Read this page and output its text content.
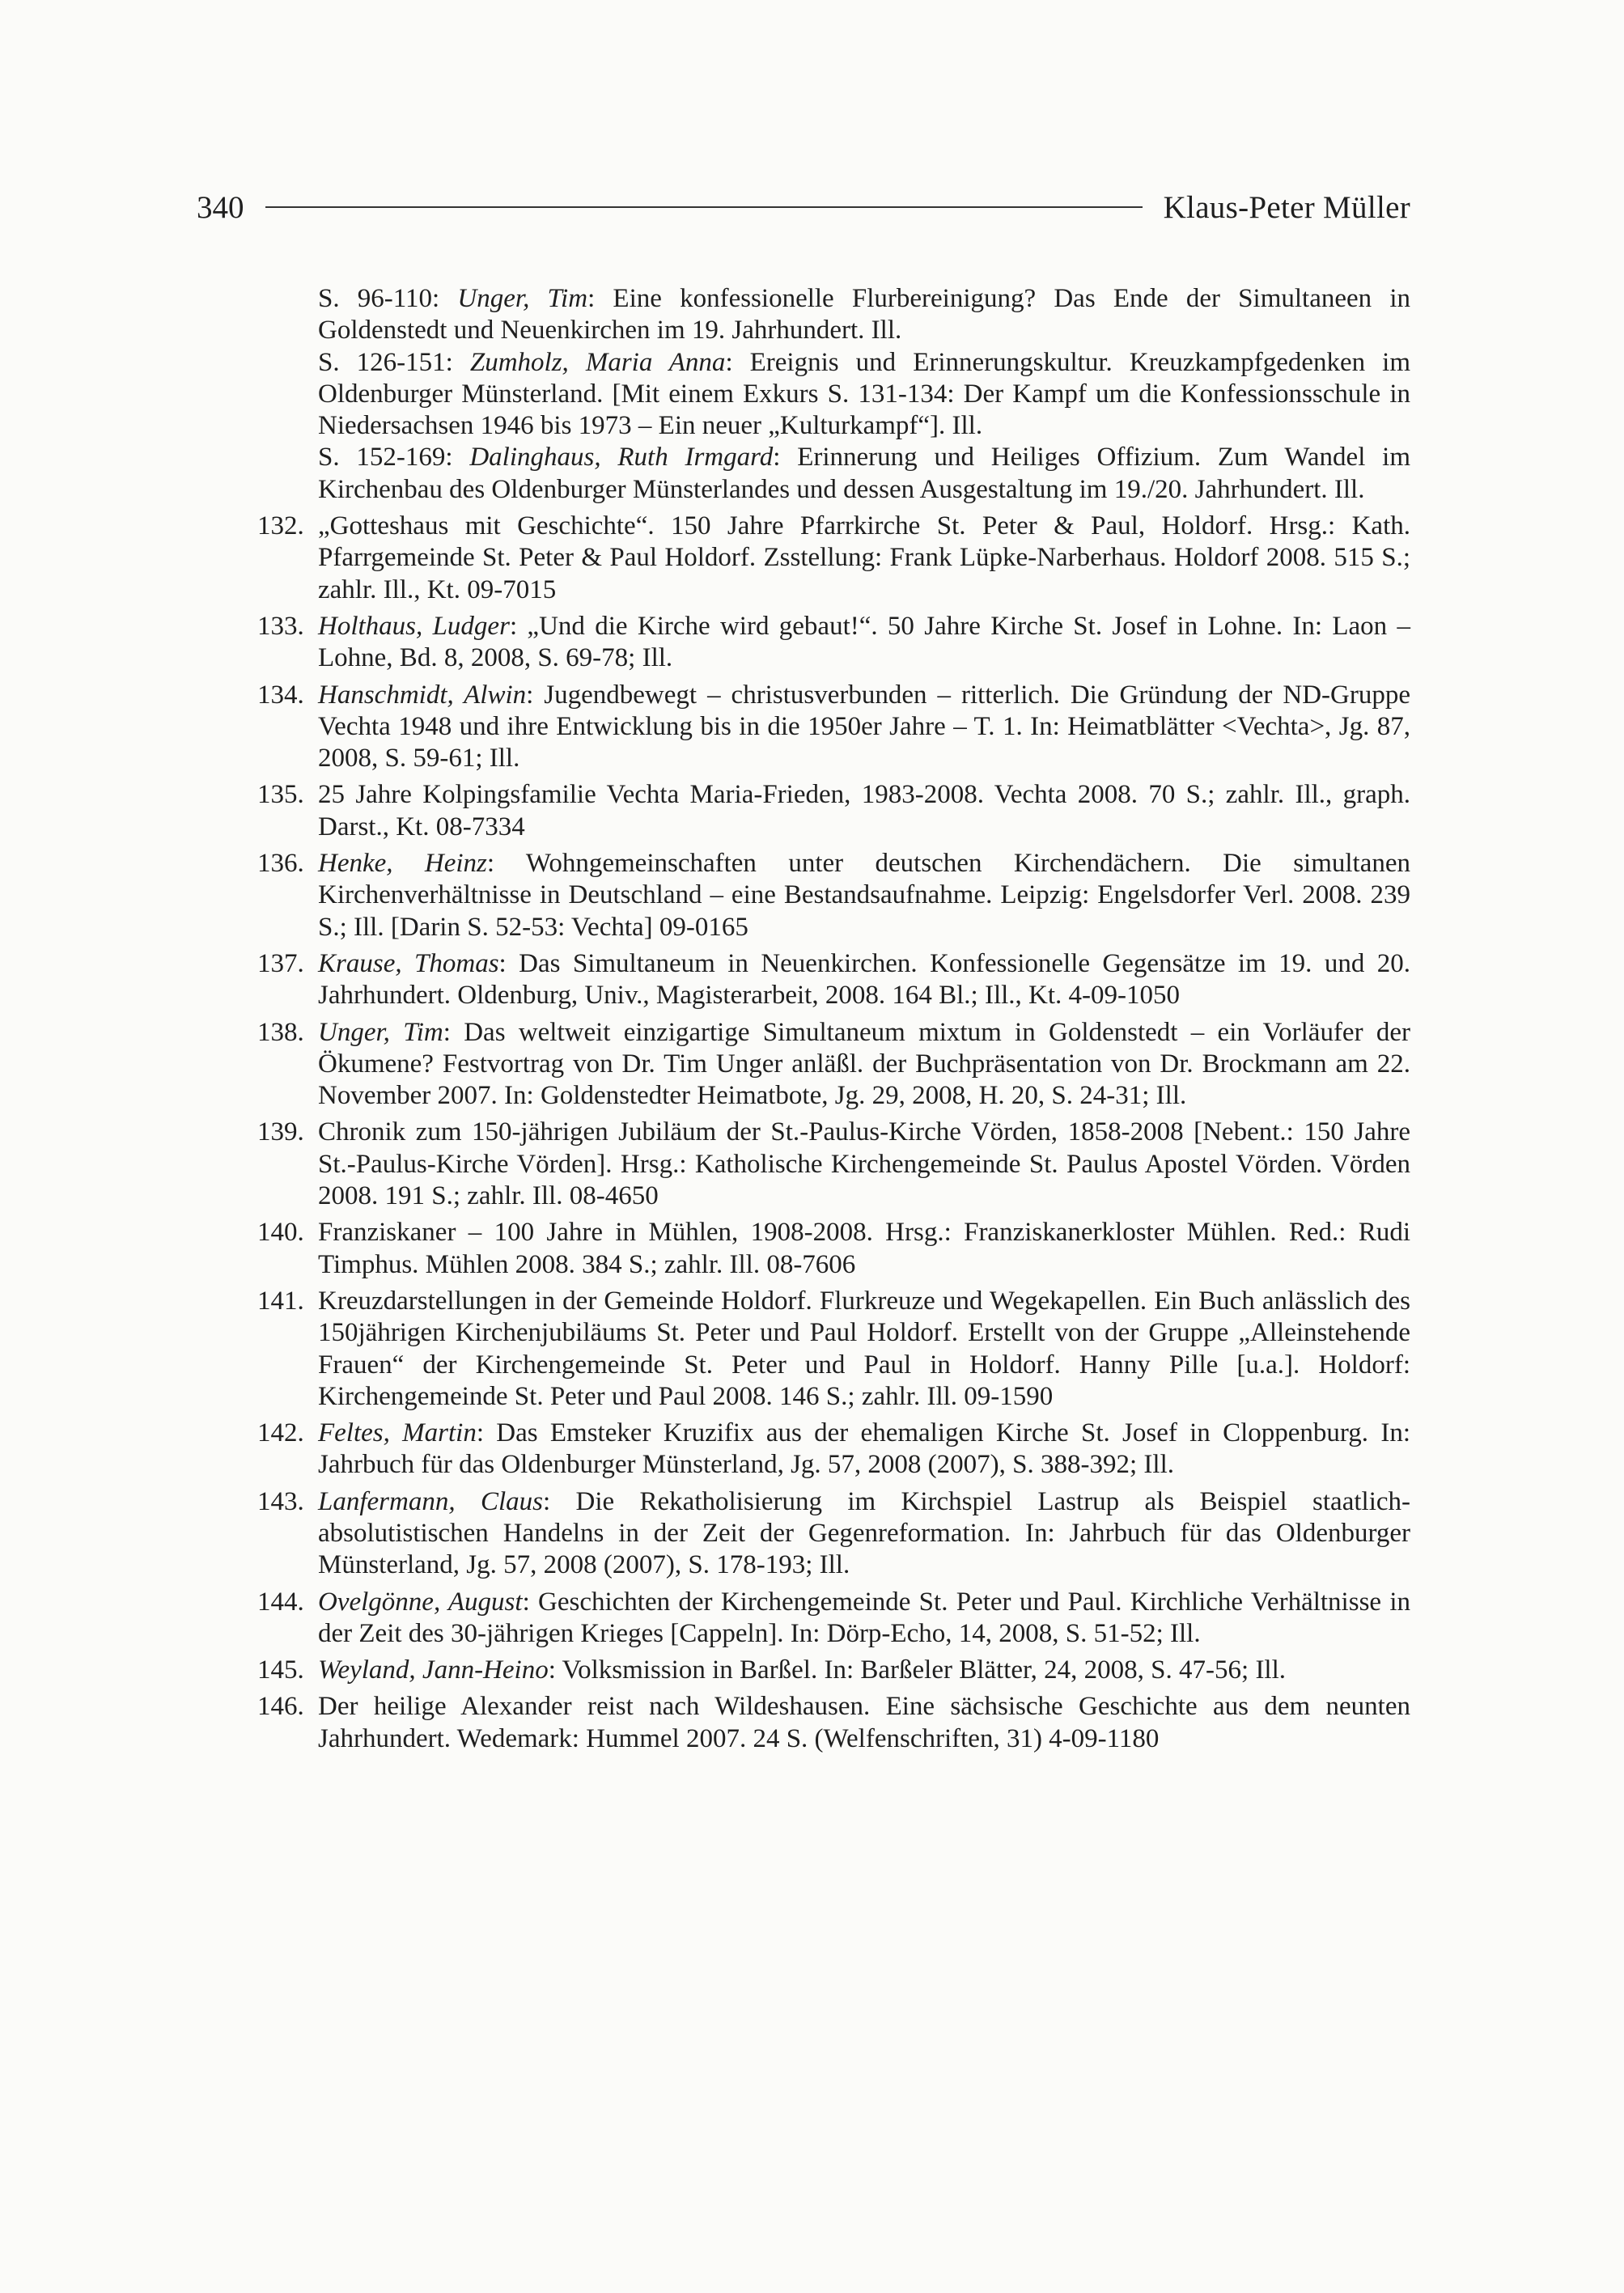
340	Klaus-Peter Müller

S. 96-110: Unger, Tim: Eine konfessionelle Flurbereinigung? Das Ende der Simultaneen in Goldenstedt und Neuenkirchen im 19. Jahrhundert. Ill.

S. 126-151: Zumholz, Maria Anna: Ereignis und Erinnerungskultur. Kreuzkampfgedenken im Oldenburger Münsterland. [Mit einem Exkurs S. 131-134: Der Kampf um die Konfessionsschule in Niedersachsen 1946 bis 1973 – Ein neuer „Kulturkampf“]. Ill.

S. 152-169: Dalinghaus, Ruth Irmgard: Erinnerung und Heiliges Offizium. Zum Wandel im Kirchenbau des Oldenburger Münsterlandes und dessen Ausgestaltung im 19./20. Jahrhundert. Ill.

132. „Gotteshaus mit Geschichte“. 150 Jahre Pfarrkirche St. Peter & Paul, Holdorf. Hrsg.: Kath. Pfarrgemeinde St. Peter & Paul Holdorf. Zsstellung: Frank Lüpke-Narberhaus. Holdorf 2008. 515 S.; zahlr. Ill., Kt. 09-7015
133. Holthaus, Ludger: „Und die Kirche wird gebaut!“. 50 Jahre Kirche St. Josef in Lohne. In: Laon – Lohne, Bd. 8, 2008, S. 69-78; Ill.
134. Hanschmidt, Alwin: Jugendbewegt – christusverbunden – ritterlich. Die Gründung der ND-Gruppe Vechta 1948 und ihre Entwicklung bis in die 1950er Jahre – T. 1. In: Heimatblätter <Vechta>, Jg. 87, 2008, S. 59-61; Ill.
135. 25 Jahre Kolpingsfamilie Vechta Maria-Frieden, 1983-2008. Vechta 2008. 70 S.; zahlr. Ill., graph. Darst., Kt. 08-7334
136. Henke, Heinz: Wohngemeinschaften unter deutschen Kirchendächern. Die simultanen Kirchenverhältnisse in Deutschland – eine Bestandsaufnahme. Leipzig: Engelsdorfer Verl. 2008. 239 S.; Ill. [Darin S. 52-53: Vechta] 09-0165
137. Krause, Thomas: Das Simultaneum in Neuenkirchen. Konfessionelle Gegensätze im 19. und 20. Jahrhundert. Oldenburg, Univ., Magisterarbeit, 2008. 164 Bl.; Ill., Kt. 4-09-1050
138. Unger, Tim: Das weltweit einzigartige Simultaneum mixtum in Goldenstedt – ein Vorläufer der Ökumene? Festvortrag von Dr. Tim Unger anläßl. der Buchpräsentation von Dr. Brockmann am 22. November 2007. In: Goldenstedter Heimatbote, Jg. 29, 2008, H. 20, S. 24-31; Ill.
139. Chronik zum 150-jährigen Jubiläum der St.-Paulus-Kirche Vörden, 1858-2008 [Nebent.: 150 Jahre St.-Paulus-Kirche Vörden]. Hrsg.: Katholische Kirchengemeinde St. Paulus Apostel Vörden. Vörden 2008. 191 S.; zahlr. Ill. 08-4650
140. Franziskaner – 100 Jahre in Mühlen, 1908-2008. Hrsg.: Franziskanerkloster Mühlen. Red.: Rudi Timphus. Mühlen 2008. 384 S.; zahlr. Ill. 08-7606
141. Kreuzdarstellungen in der Gemeinde Holdorf. Flurkreuze und Wegekapellen. Ein Buch anlässlich des 150jährigen Kirchenjubiläums St. Peter und Paul Holdorf. Erstellt von der Gruppe „Alleinstehende Frauen“ der Kirchengemeinde St. Peter und Paul in Holdorf. Hanny Pille [u.a.]. Holdorf: Kirchengemeinde St. Peter und Paul 2008. 146 S.; zahlr. Ill. 09-1590
142. Feltes, Martin: Das Emsteker Kruzifix aus der ehemaligen Kirche St. Josef in Cloppenburg. In: Jahrbuch für das Oldenburger Münsterland, Jg. 57, 2008 (2007), S. 388-392; Ill.
143. Lanfermann, Claus: Die Rekatholisierung im Kirchspiel Lastrup als Beispiel staatlich-absolutistischen Handelns in der Zeit der Gegenreformation. In: Jahrbuch für das Oldenburger Münsterland, Jg. 57, 2008 (2007), S. 178-193; Ill.
144. Ovelgönne, August: Geschichten der Kirchengemeinde St. Peter und Paul. Kirchliche Verhältnisse in der Zeit des 30-jährigen Krieges [Cappeln]. In: Dörp-Echo, 14, 2008, S. 51-52; Ill.
145. Weyland, Jann-Heino: Volksmission in Barßel. In: Barßeler Blätter, 24, 2008, S. 47-56; Ill.
146. Der heilige Alexander reist nach Wildeshausen. Eine sächsische Geschichte aus dem neunten Jahrhundert. Wedemark: Hummel 2007. 24 S. (Welfenschriften, 31) 4-09-1180
